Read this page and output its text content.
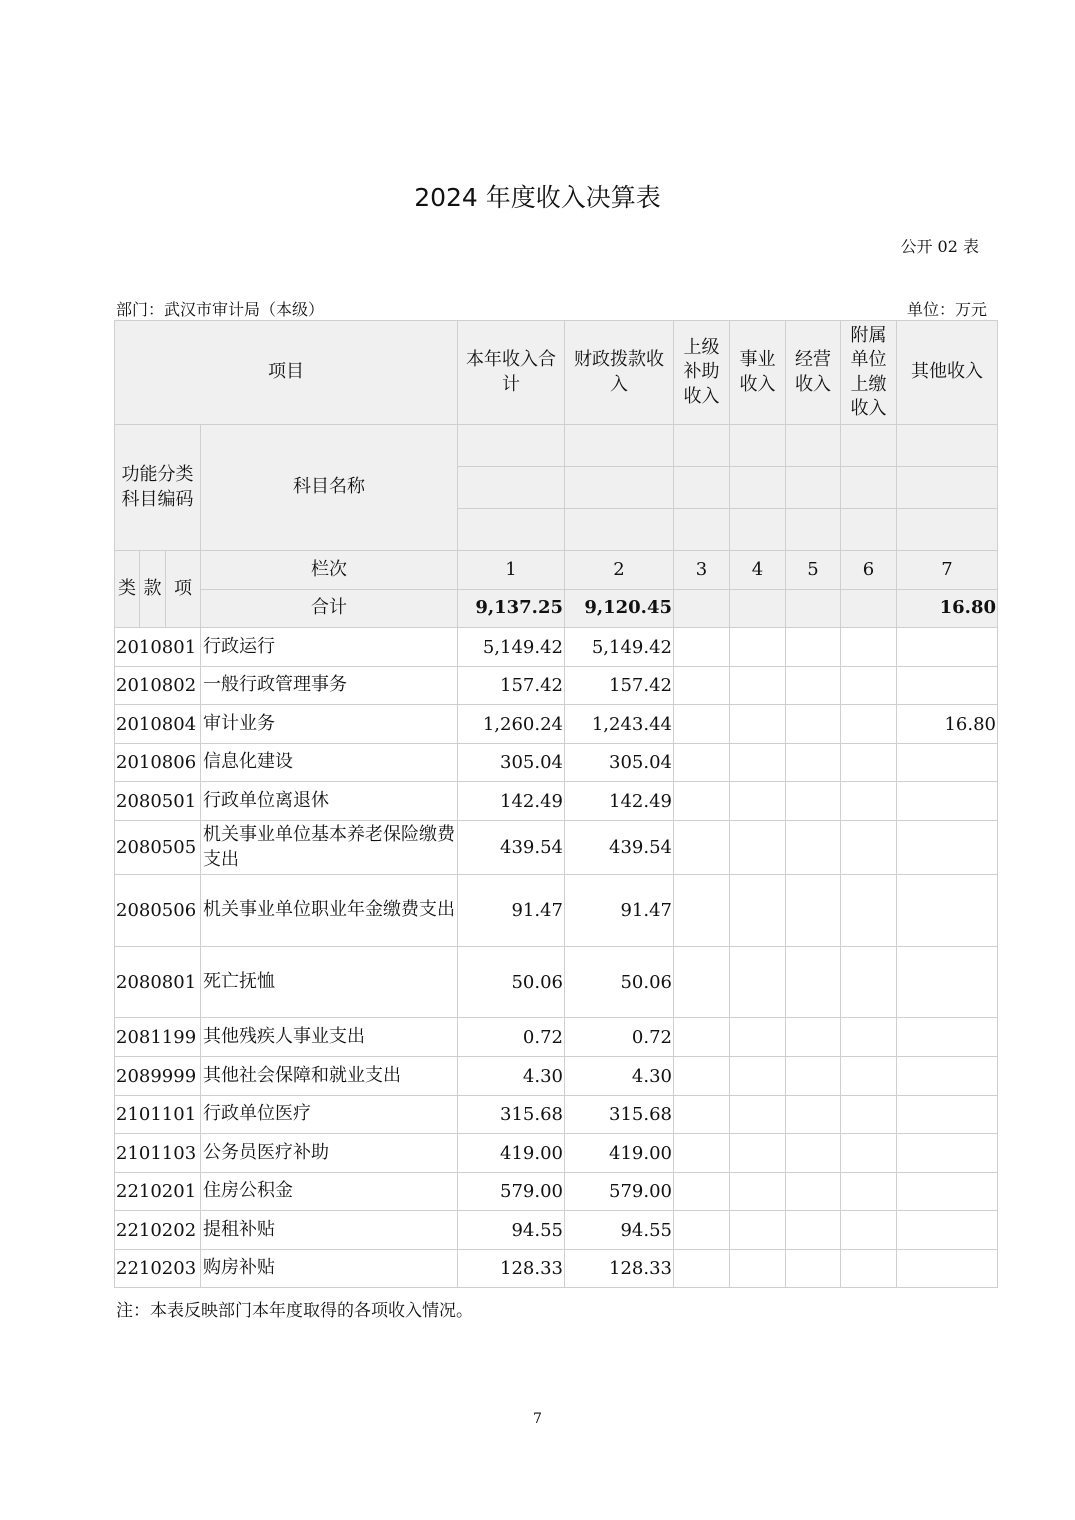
2024 年度收入决算表
公开 02 表
部门：武汉市审计局（本级）	单位：万元
项目				本年收入合计	财政拨款收入	上级补助收入	事业收入	经营收入	附属单位上缴收入	其他收入
功能分类科目编码			科目名称							

类	款	项	栏次	1	2	3	4	5	6	7
			合计	9,137.25	9,120.45					16.80
2010801			行政运行	5,149.42	5,149.42					
2010802			一般行政管理事务	157.42	157.42					
2010804			审计业务	1,260.24	1,243.44					16.80
2010806			信息化建设	305.04	305.04					
2080501			行政单位离退休	142.49	142.49					
2080505			机关事业单位基本养老保险缴费支出	439.54	439.54					
2080506			机关事业单位职业年金缴费支出	91.47	91.47					
2080801			死亡抚恤	50.06	50.06					
2081199			其他残疾人事业支出	0.72	0.72					
2089999			其他社会保障和就业支出	4.30	4.30					
2101101			行政单位医疗	315.68	315.68					
2101103			公务员医疗补助	419.00	419.00					
2210201			住房公积金	579.00	579.00					
2210202			提租补贴	94.55	94.55					
2210203			购房补贴	128.33	128.33					
注：本表反映部门本年度取得的各项收入情况。
7
